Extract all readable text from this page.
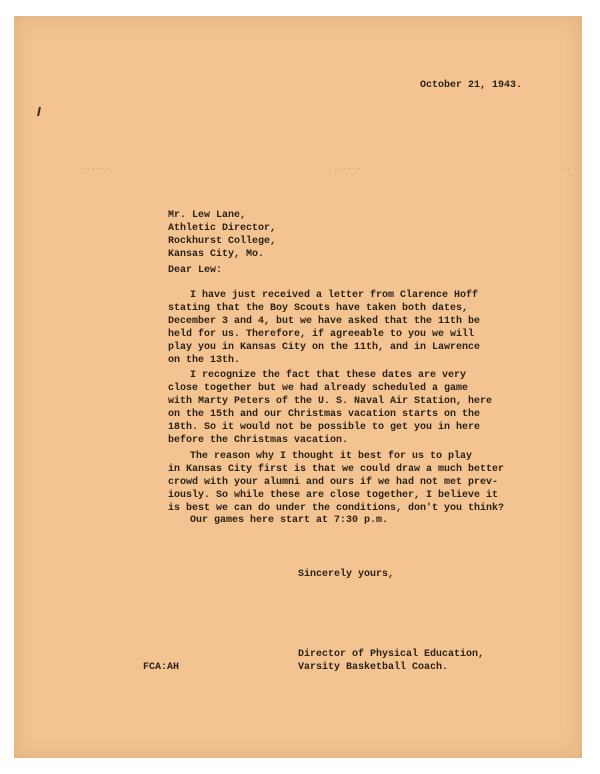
••••••	••••••	••
October 21, 1943.
Mr. Lew Lane,
Athletic Director,
Rockhurst College,
Kansas City, Mo.
Dear Lew:
I have just received a letter from Clarence Hoff
stating that the Boy Scouts have taken both dates,
December 3 and 4, but we have asked that the 11th be
held for us. Therefore, if agreeable to you we will
play you in Kansas City on the 11th, and in Lawrence
on the 13th.
I recognize the fact that these dates are very
close together but we had already scheduled a game
with Marty Peters of the U. S. Naval Air Station, here
on the 15th and our Christmas vacation starts on the
18th. So it would not be possible to get you in here
before the Christmas vacation.
The reason why I thought it best for us to play
in Kansas City first is that we could draw a much better
crowd with your alumni and ours if we had not met prev-
iously. So while these are close together, I believe it
is best we can do under the conditions, don't you think?
Our games here start at 7:30 p.m.
Sincerely yours,
Director of Physical Education,
Varsity Basketball Coach.
FCA:AH
